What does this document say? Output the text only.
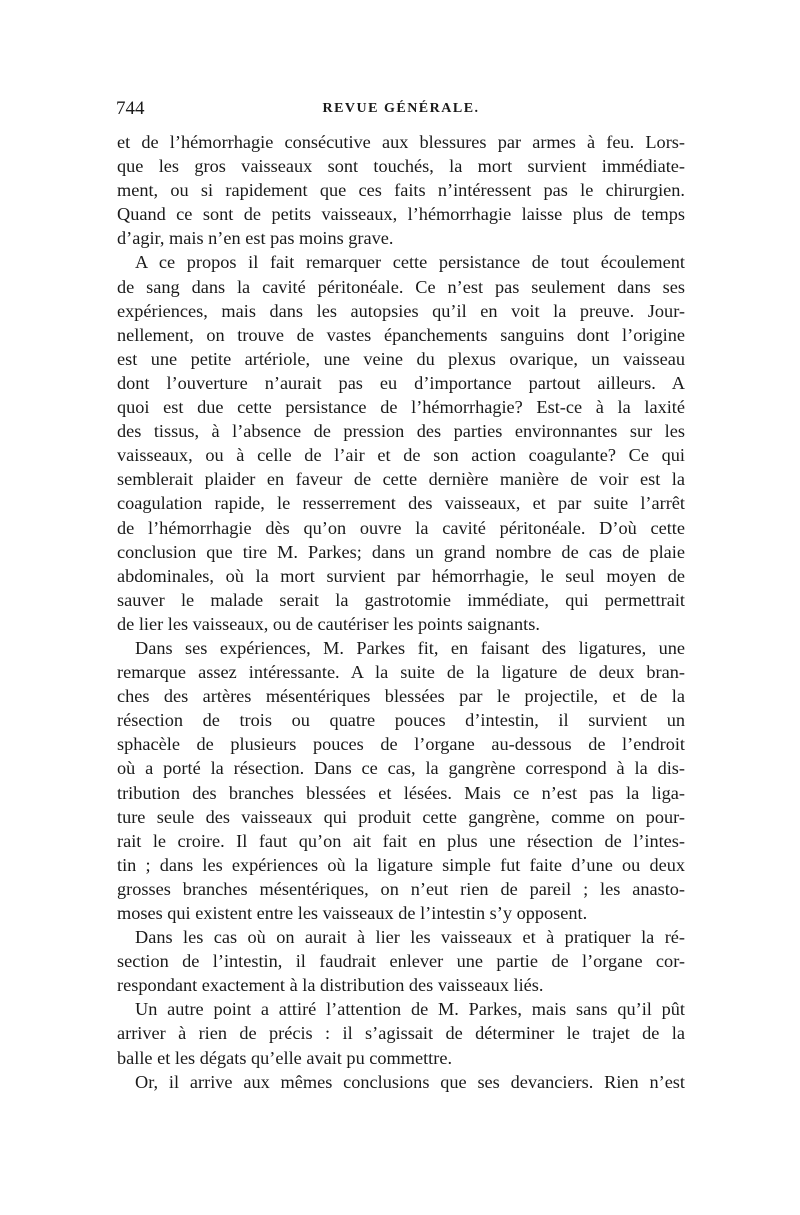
744	REVUE GÉNÉRALE.
et de l’hémorrhagie consécutive aux blessures par armes à feu. Lors-
que les gros vaisseaux sont touchés, la mort survient immédiate-
ment, ou si rapidement que ces faits n’intéressent pas le chirurgien.
Quand ce sont de petits vaisseaux, l’hémorrhagie laisse plus de temps
d’agir, mais n’en est pas moins grave.
A ce propos il fait remarquer cette persistance de tout écoulement
de sang dans la cavité péritonéale. Ce n’est pas seulement dans ses
expériences, mais dans les autopsies qu’il en voit la preuve. Jour-
nellement, on trouve de vastes épanchements sanguins dont l’origine
est une petite artériole, une veine du plexus ovarique, un vaisseau
dont l’ouverture n’aurait pas eu d’importance partout ailleurs. A
quoi est due cette persistance de l’hémorrhagie? Est-ce à la laxité
des tissus, à l’absence de pression des parties environnantes sur les
vaisseaux, ou à celle de l’air et de son action coagulante? Ce qui
semblerait plaider en faveur de cette dernière manière de voir est la
coagulation rapide, le resserrement des vaisseaux, et par suite l’arrêt
de l’hémorrhagie dès qu’on ouvre la cavité péritonéale. D’où cette
conclusion que tire M. Parkes; dans un grand nombre de cas de plaie
abdominales, où la mort survient par hémorrhagie, le seul moyen de
sauver le malade serait la gastrotomie immédiate, qui permettrait
de lier les vaisseaux, ou de cautériser les points saignants.
Dans ses expériences, M. Parkes fit, en faisant des ligatures, une
remarque assez intéressante. A la suite de la ligature de deux bran-
ches des artères mésentériques blessées par le projectile, et de la
résection de trois ou quatre pouces d’intestin, il survient un
sphacèle de plusieurs pouces de l’organe au-dessous de l’endroit
où a porté la résection. Dans ce cas, la gangrène correspond à la dis-
tribution des branches blessées et lésées. Mais ce n’est pas la liga-
ture seule des vaisseaux qui produit cette gangrène, comme on pour-
rait le croire. Il faut qu’on ait fait en plus une résection de l’intes-
tin ; dans les expériences où la ligature simple fut faite d’une ou deux
grosses branches mésentériques, on n’eut rien de pareil ; les anasto-
moses qui existent entre les vaisseaux de l’intestin s’y opposent.
Dans les cas où on aurait à lier les vaisseaux et à pratiquer la ré-
section de l’intestin, il faudrait enlever une partie de l’organe cor-
respondant exactement à la distribution des vaisseaux liés.
Un autre point a attiré l’attention de M. Parkes, mais sans qu’il pût
arriver à rien de précis : il s’agissait de déterminer le trajet de la
balle et les dégats qu’elle avait pu commettre.
Or, il arrive aux mêmes conclusions que ses devanciers. Rien n’est
